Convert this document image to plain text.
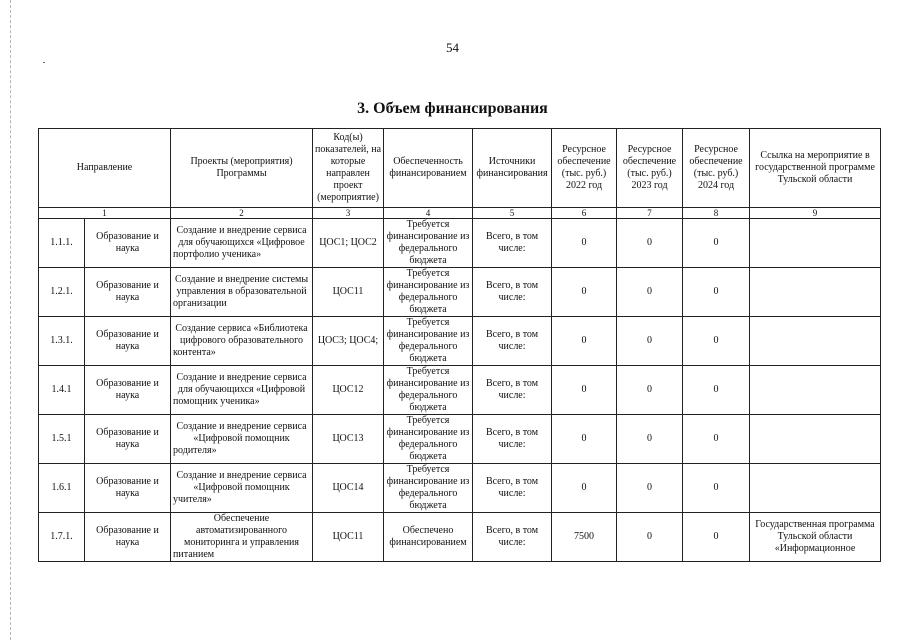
54
3. Объем финансирования
Направление		Проекты (мероприятия) Программы	Код(ы) показателей, на которые направлен проект (мероприятие)	Обеспеченность финансированием	Источники финансирования	Ресурсное обеспечение (тыс. руб.) 2022 год	Ресурсное обеспечение (тыс. руб.) 2023 год	Ресурсное обеспечение (тыс. руб.) 2024 год	Ссылка на мероприятие в государственной программе Тульской области
1		2	3	4	5	6	7	8	9
1.1.1.	Образование и наука	Создание и внедрение сервиса для обучающихся «Цифровое портфолио ученика»	ЦОС1; ЦОС2	Требуется финансирование из федерального бюджета	Всего, в том числе:	0	0	0	
1.2.1.	Образование и наука	Создание и внедрение системы управления в образовательной организации	ЦОС11	Требуется финансирование из федерального бюджета	Всего, в том числе:	0	0	0	
1.3.1.	Образование и наука	Создание сервиса «Библиотека цифрового образовательного контента»	ЦОС3; ЦОС4;	Требуется финансирование из федерального бюджета	Всего, в том числе:	0	0	0	
1.4.1	Образование и наука	Создание и внедрение сервиса для обучающихся «Цифровой помощник ученика»	ЦОС12	Требуется финансирование из федерального бюджета	Всего, в том числе:	0	0	0	
1.5.1	Образование и наука	Создание и внедрение сервиса «Цифровой помощник родителя»	ЦОС13	Требуется финансирование из федерального бюджета	Всего, в том числе:	0	0	0	
1.6.1	Образование и наука	Создание и внедрение сервиса «Цифровой помощник учителя»	ЦОС14	Требуется финансирование из федерального бюджета	Всего, в том числе:	0	0	0	
1.7.1.	Образование и наука	Обеспечение автоматизированного мониторинга и управления питанием	ЦОС11	Обеспечено финансированием	Всего, в том числе:	7500	0	0	Государственная программа Тульской области «Информационное
